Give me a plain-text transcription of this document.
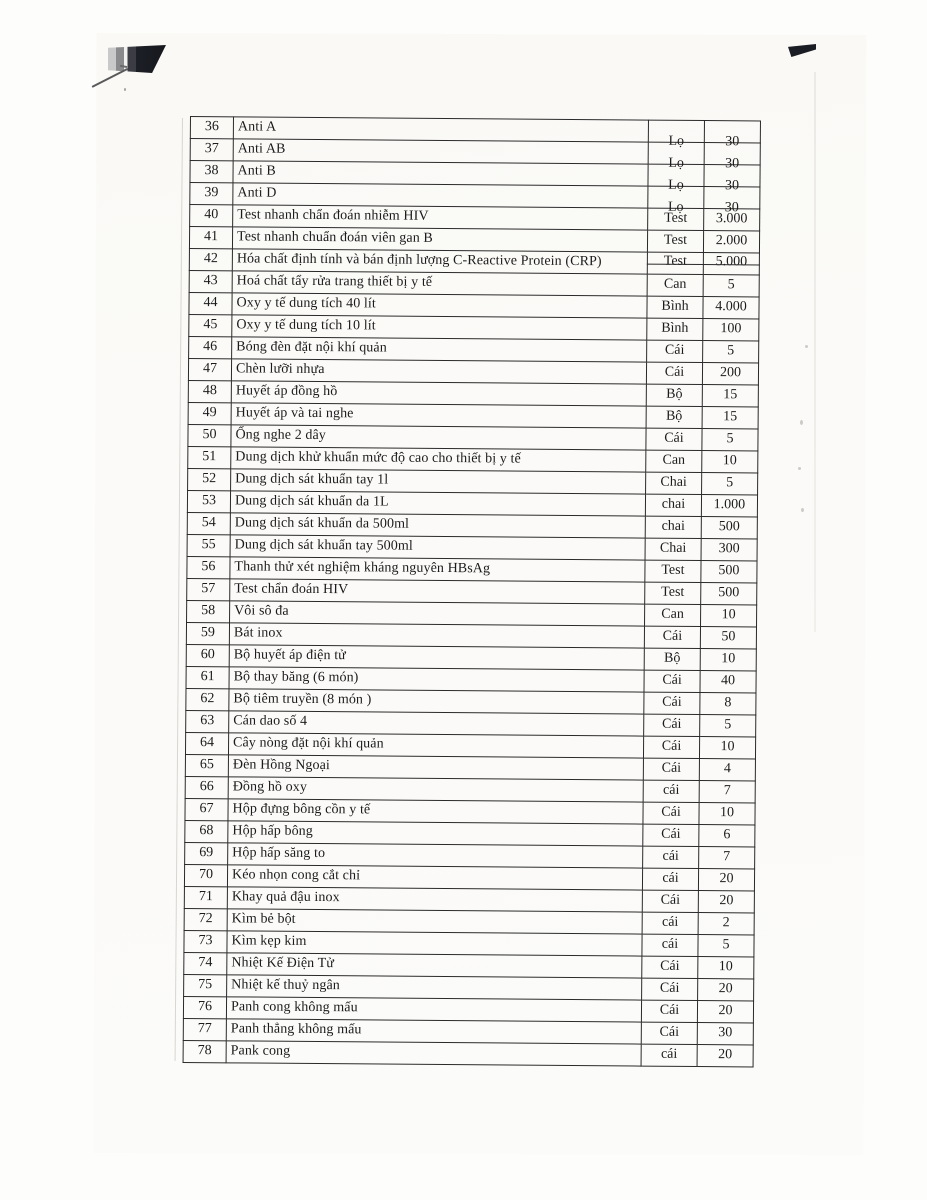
36	Anti A	Lọ	30
37	Anti AB	Lọ	30
38	Anti B	Lọ	30
39	Anti D	Lọ	30
40	Test nhanh chẩn đoán nhiễm HIV	Test	3.000
41	Test nhanh chuẩn đoán viên gan B	Test	2.000
42	Hóa chất định tính và bán định lượng C-Reactive Protein (CRP)	Test	5.000
43	Hoá chất tẩy rửa trang thiết bị y tế	Can	5
44	Oxy y tế dung tích 40 lít	Bình	4.000
45	Oxy y tế dung tích 10 lít	Bình	100
46	Bóng đèn đặt nội khí quản	Cái	5
47	Chèn lưỡi nhựa	Cái	200
48	Huyết áp đồng hồ	Bộ	15
49	Huyết áp và tai nghe	Bộ	15
50	Ống nghe 2 dây	Cái	5
51	Dung dịch khử khuẩn mức độ cao cho thiết bị y tế	Can	10
52	Dung dịch sát khuẩn tay 1l	Chai	5
53	Dung dịch sát khuẩn da 1L	chai	1.000
54	Dung dịch sát khuẩn da 500ml	chai	500
55	Dung dịch sát khuẩn tay 500ml	Chai	300
56	Thanh thử xét nghiệm kháng nguyên HBsAg	Test	500
57	Test chẩn đoán HIV	Test	500
58	Vôi sô đa	Can	10
59	Bát inox	Cái	50
60	Bộ huyết áp điện tử	Bộ	10
61	Bộ thay băng (6 món)	Cái	40
62	Bộ tiêm truyền (8 món )	Cái	8
63	Cán dao số 4	Cái	5
64	Cây nòng đặt nội khí quản	Cái	10
65	Đèn Hồng Ngoại	Cái	4
66	Đồng hồ oxy	cái	7
67	Hộp đựng bông cồn y tế	Cái	10
68	Hộp hấp bông	Cái	6
69	Hộp hấp săng to	cái	7
70	Kéo nhọn cong cắt chỉ	cái	20
71	Khay quả đậu inox	Cái	20
72	Kìm bẻ bột	cái	2
73	Kìm kẹp kim	cái	5
74	Nhiệt Kế Điện Tử	Cái	10
75	Nhiệt kế thuỷ ngân	Cái	20
76	Panh cong không mấu	Cái	20
77	Panh thẳng không mấu	Cái	30
78	Pank cong	cái	20
